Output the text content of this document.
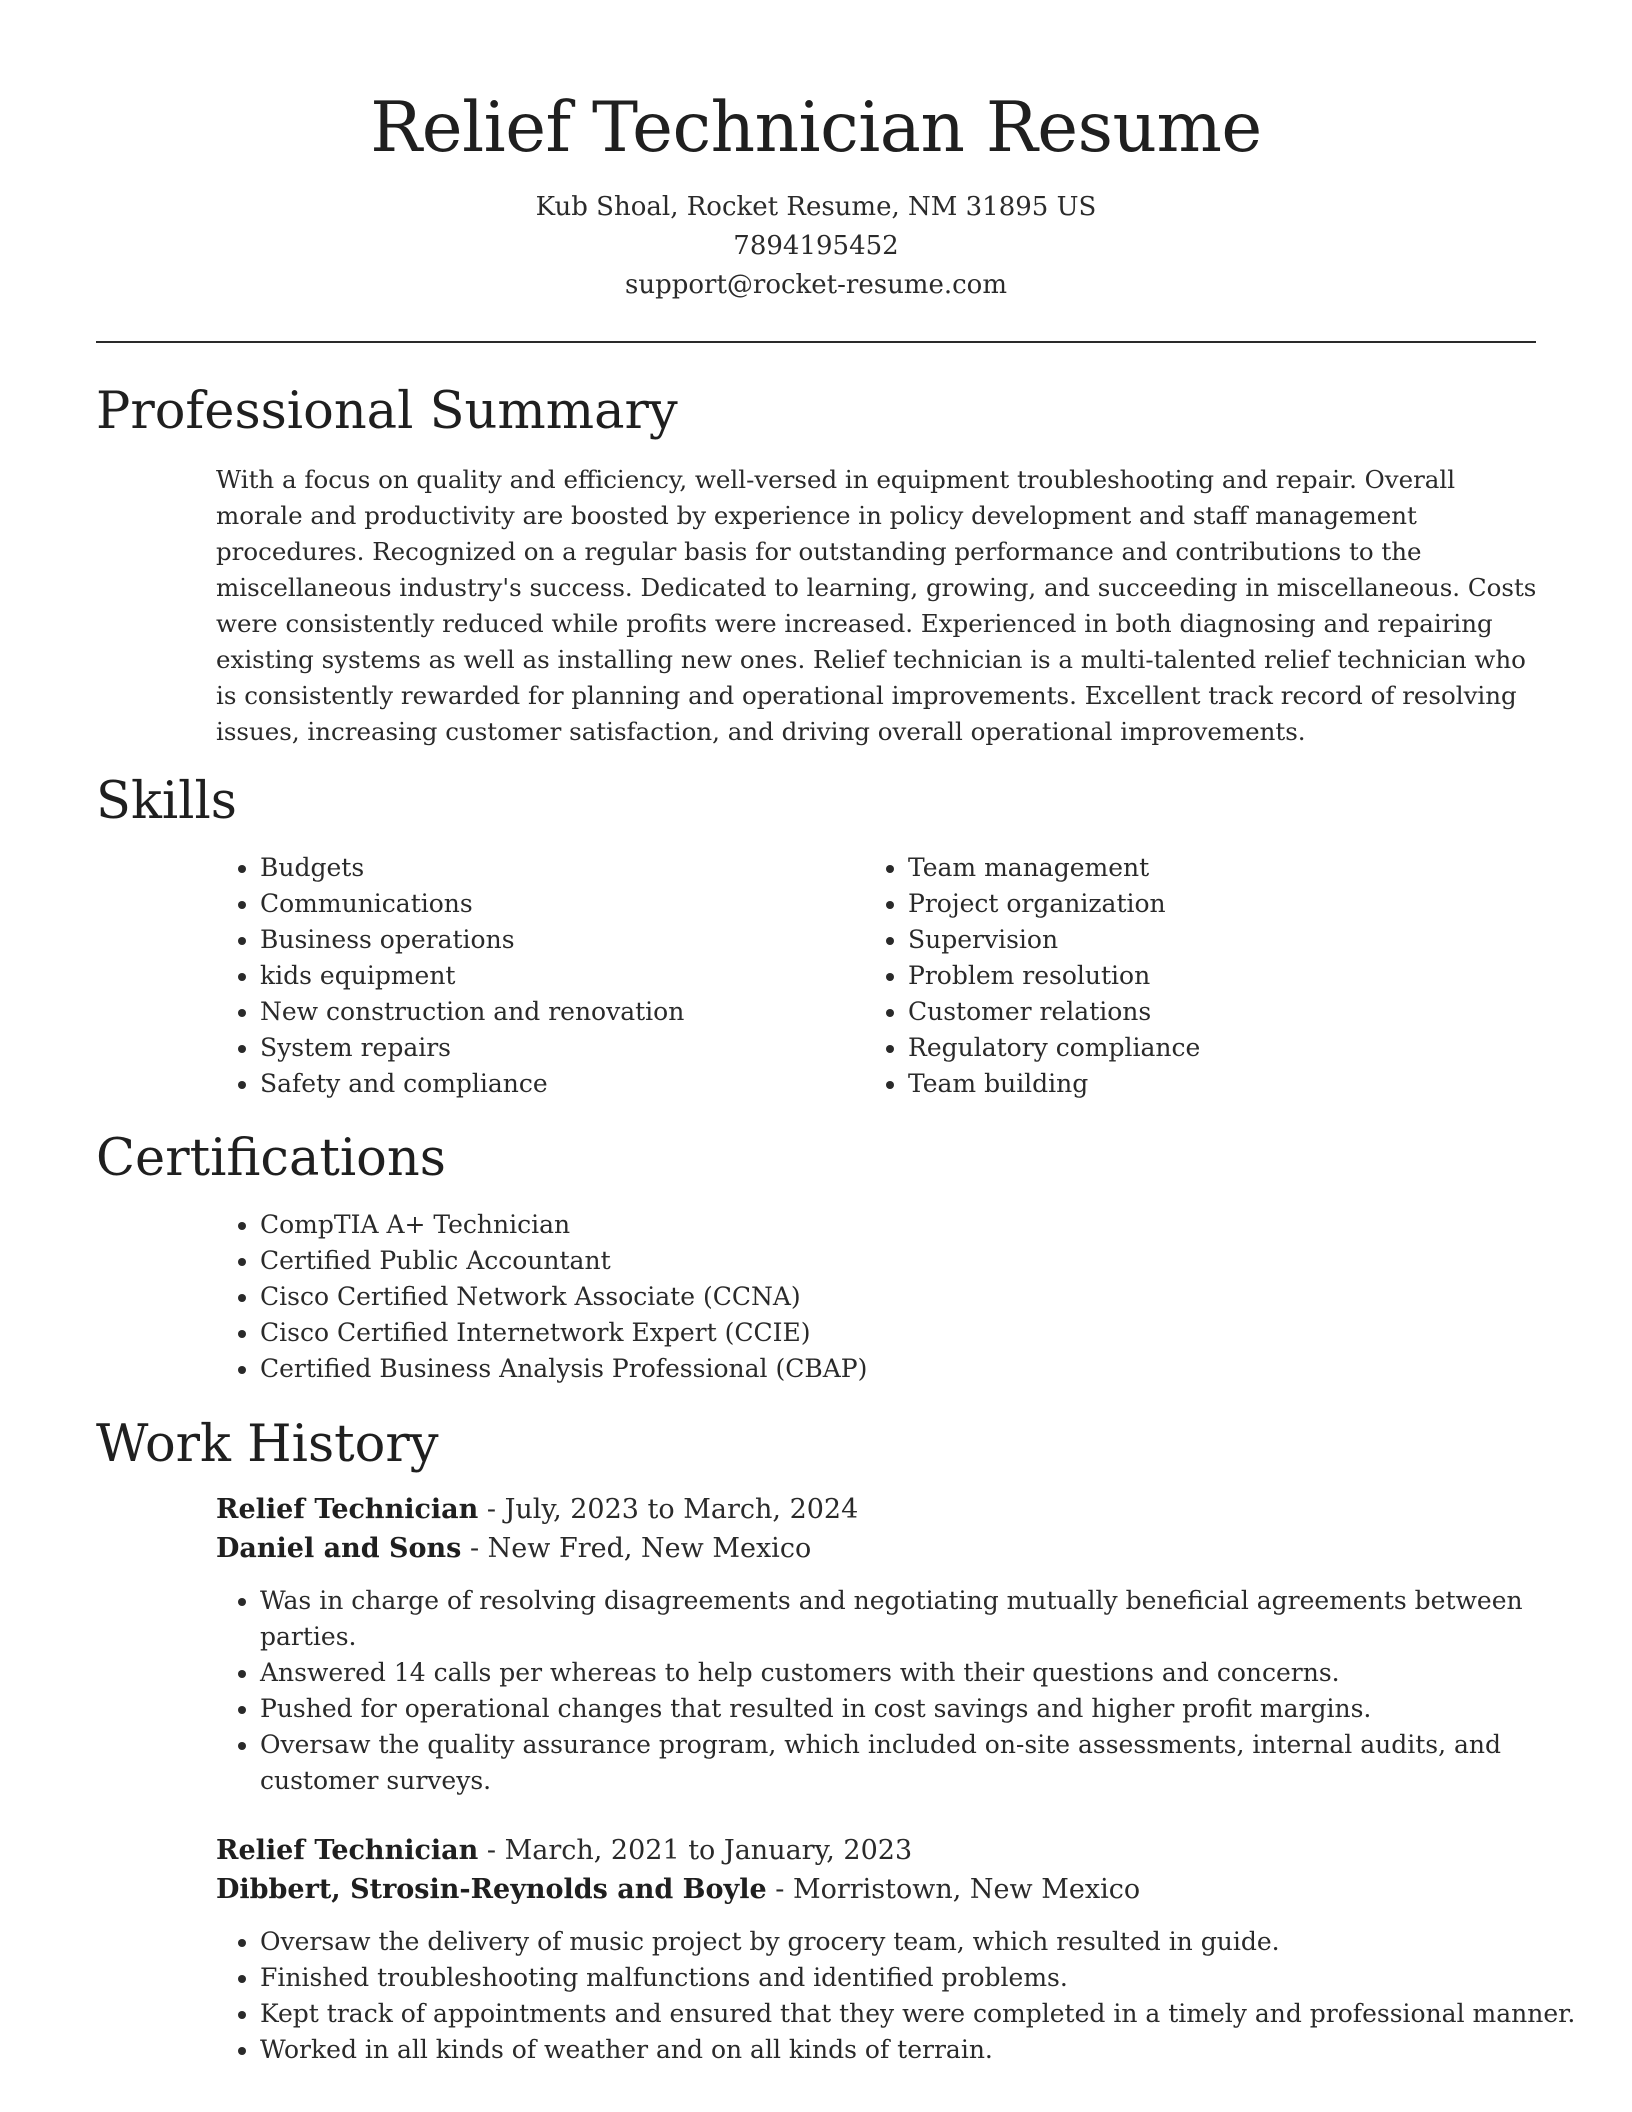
Relief Technician Resume
Kub Shoal, Rocket Resume, NM 31895 US
7894195452
support@rocket-resume.com
Professional Summary
With a focus on quality and efficiency, well-versed in equipment troubleshooting and repair. Overall morale and productivity are boosted by experience in policy development and staff management procedures. Recognized on a regular basis for outstanding performance and contributions to the miscellaneous industry's success. Dedicated to learning, growing, and succeeding in miscellaneous. Costs were consistently reduced while profits were increased. Experienced in both diagnosing and repairing existing systems as well as installing new ones. Relief technician is a multi-talented relief technician who is consistently rewarded for planning and operational improvements. Excellent track record of resolving issues, increasing customer satisfaction, and driving overall operational improvements.
Skills
• Budgets
• Communications
• Business operations
• kids equipment
• New construction and renovation
• System repairs
• Safety and compliance
• Team management
• Project organization
• Supervision
• Problem resolution
• Customer relations
• Regulatory compliance
• Team building
Certifications
• CompTIA A+ Technician
• Certified Public Accountant
• Cisco Certified Network Associate (CCNA)
• Cisco Certified Internetwork Expert (CCIE)
• Certified Business Analysis Professional (CBAP)
Work History
Relief Technician - July, 2023 to March, 2024
Daniel and Sons - New Fred, New Mexico
• Was in charge of resolving disagreements and negotiating mutually beneficial agreements between parties.
• Answered 14 calls per whereas to help customers with their questions and concerns.
• Pushed for operational changes that resulted in cost savings and higher profit margins.
• Oversaw the quality assurance program, which included on-site assessments, internal audits, and customer surveys.
Relief Technician - March, 2021 to January, 2023
Dibbert, Strosin-Reynolds and Boyle - Morristown, New Mexico
• Oversaw the delivery of music project by grocery team, which resulted in guide.
• Finished troubleshooting malfunctions and identified problems.
• Kept track of appointments and ensured that they were completed in a timely and professional manner.
• Worked in all kinds of weather and on all kinds of terrain.
